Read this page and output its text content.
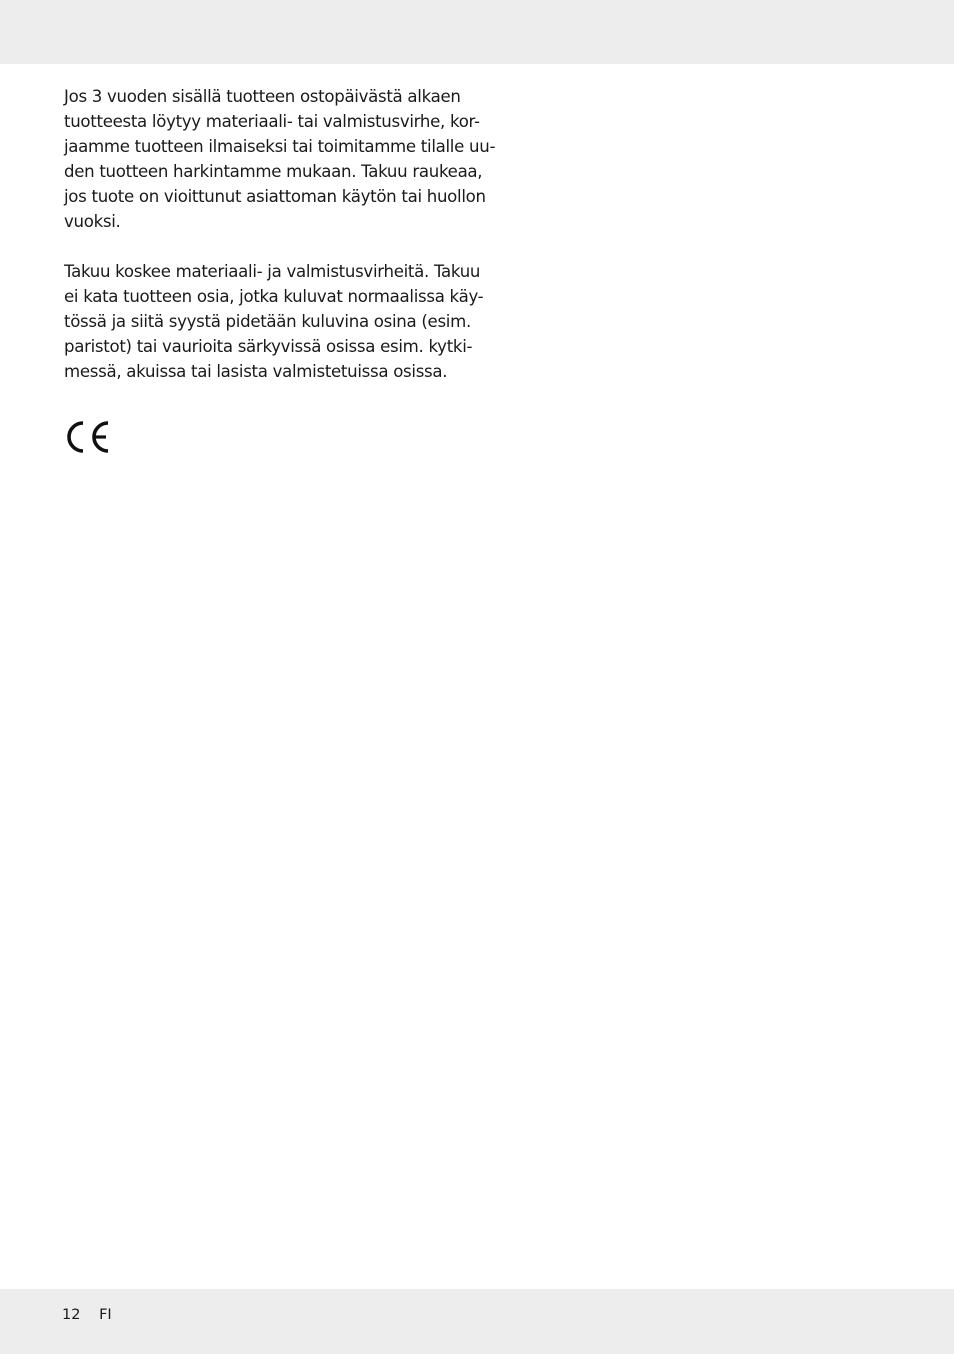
Jos 3 vuoden sisällä tuotteen ostopäivästä alkaen
tuotteesta löytyy materiaali- tai valmistusvirhe, kor-
jaamme tuotteen ilmaiseksi tai toimitamme tilalle uu-
den tuotteen harkintamme mukaan. Takuu raukeaa,
jos tuote on vioittunut asiattoman käytön tai huollon
vuoksi.

Takuu koskee materiaali- ja valmistusvirheitä. Takuu
ei kata tuotteen osia, jotka kuluvat normaalissa käy-
tössä ja siitä syystä pidetään kuluvina osina (esim.
paristot) tai vaurioita särkyvissä osissa esim. kytki-
messä, akuissa tai lasista valmistetuissa osissa.

12 FI
